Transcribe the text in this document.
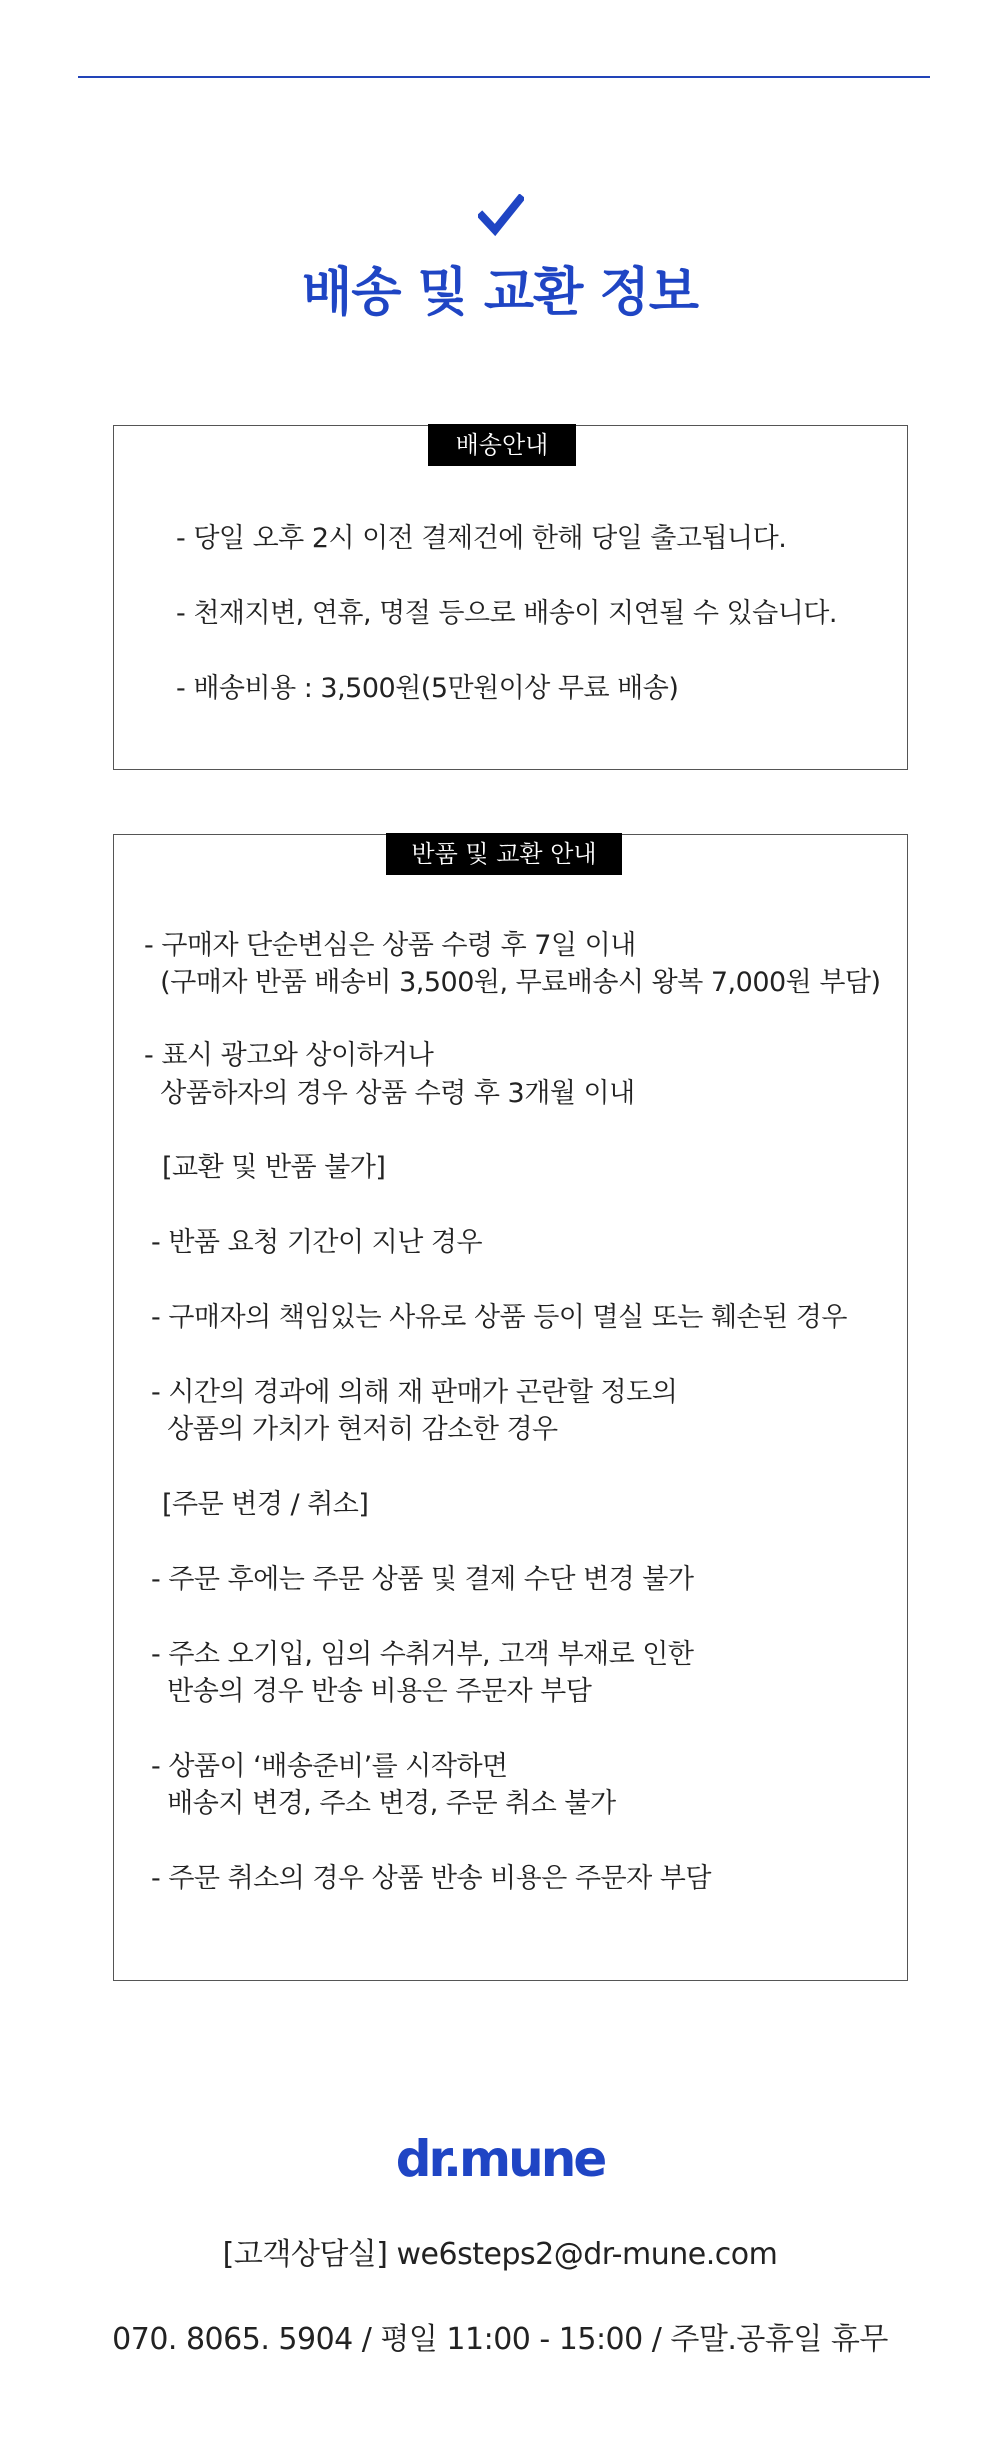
배송 및 교환 정보
배송안내
- 당일 오후 2시 이전 결제건에 한해 당일 출고됩니다.
- 천재지변, 연휴, 명절 등으로 배송이 지연될 수 있습니다.
- 배송비용 : 3,500원(5만원이상 무료 배송)
반품 및 교환 안내
- 구매자 단순변심은 상품 수령 후 7일 이내
(구매자 반품 배송비 3,500원, 무료배송시 왕복 7,000원 부담)
- 표시 광고와 상이하거나
상품하자의 경우 상품 수령 후 3개월 이내
[교환 및 반품 불가]
- 반품 요청 기간이 지난 경우
- 구매자의 책임있는 사유로 상품 등이 멸실 또는 훼손된 경우
- 시간의 경과에 의해 재 판매가 곤란할 정도의
상품의 가치가 현저히 감소한 경우
[주문 변경 / 취소]
- 주문 후에는 주문 상품 및 결제 수단 변경 불가
- 주소 오기입, 임의 수취거부, 고객 부재로 인한
반송의 경우 반송 비용은 주문자 부담
- 상품이 ‘배송준비’를 시작하면
배송지 변경, 주소 변경, 주문 취소 불가
- 주문 취소의 경우 상품 반송 비용은 주문자 부담
dr.mune
[고객상담실] we6steps2@dr-mune.com
070. 8065. 5904 / 평일 11:00 - 15:00 / 주말.공휴일 휴무
